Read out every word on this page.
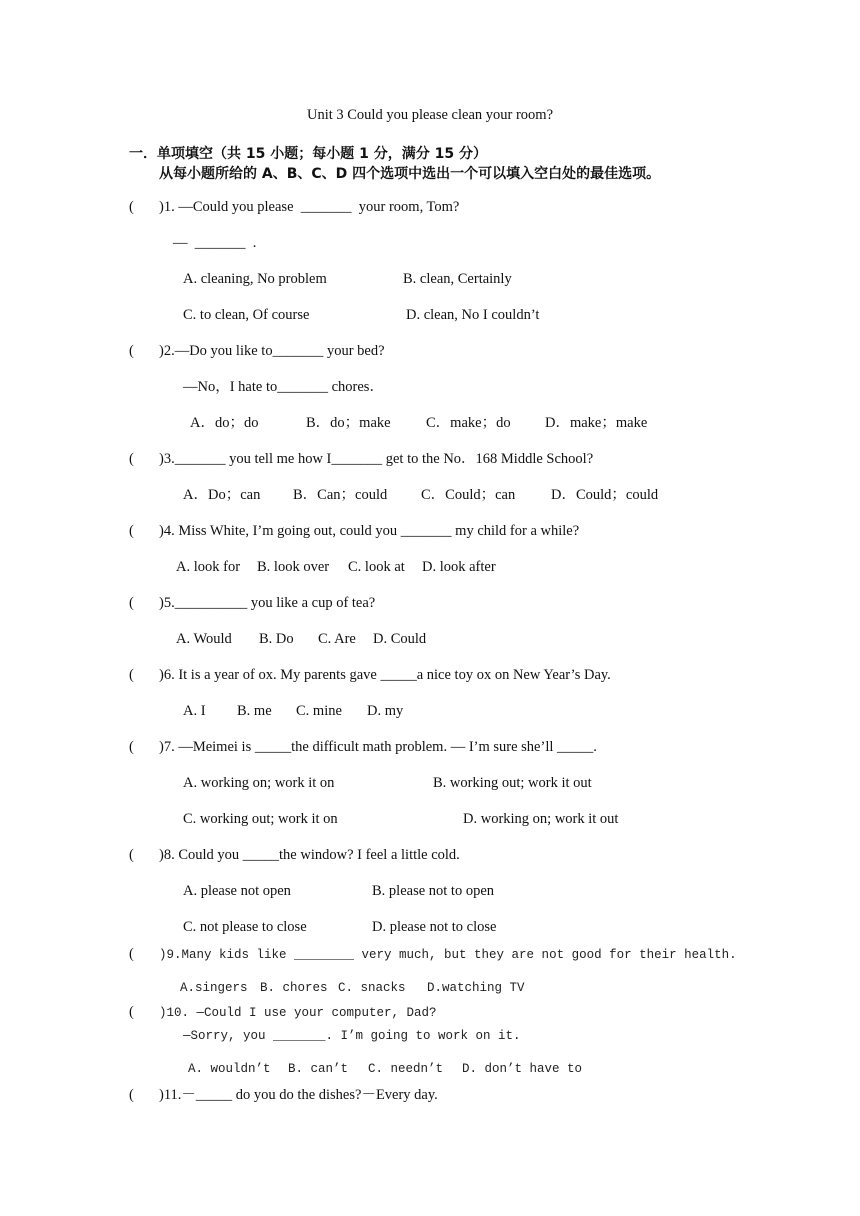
Unit 3 Could you please clean your room?
一．单项填空（共 15 小题；每小题 1 分，满分 15 分）
从每小题所给的 A、B、C、D 四个选项中选出一个可以填入空白处的最佳选项。
( )1. —Could you please  _______  your room, Tom?
—  _______  .
A. cleaning, No problem	B. clean, Certainly
C. to clean, Of course	D. clean, No I couldn’t
( )2.—Do you like to_______ your bed?
—No，I hate to_______ chores．
A．do；do	B．do；make C．make；do D．make；make
( )3._______ you tell me how I_______ get to the No．168 Middle School?
A．Do；can B．Can；could C．Could；can D．Could；could
( )4. Miss White, I’m going out, could you _______ my child for a while?
A. look for B. look over C. look at D. look after
( )5.__________ you like a cup of tea?
A. Would B. Do C. Are D. Could
( )6. It is a year of ox. My parents gave _____a nice toy ox on New Year’s Day.
A. I B. me C. mine D. my
( )7. —Meimei is _____the difficult math problem. — I’m sure she’ll _____.
A. working on; work it on	B. working out; work it out
C. working out; work it on	D. working on; work it out
( )8. Could you _____the window? I feel a little cold.
A. please not open	B. please not to open
C. not please to close	D. please not to close
( )9.Many kids like ________ very much, but they are not good for their health.
A.singers B. chores C. snacks D.watching TV
( )10. —Could I use your computer, Dad?
—Sorry, you _______. I’m going to work on it.
A. wouldn’t B. can’t C. needn’t D. don’t have to
( )11.－_____ do you do the dishes?－Every day.
